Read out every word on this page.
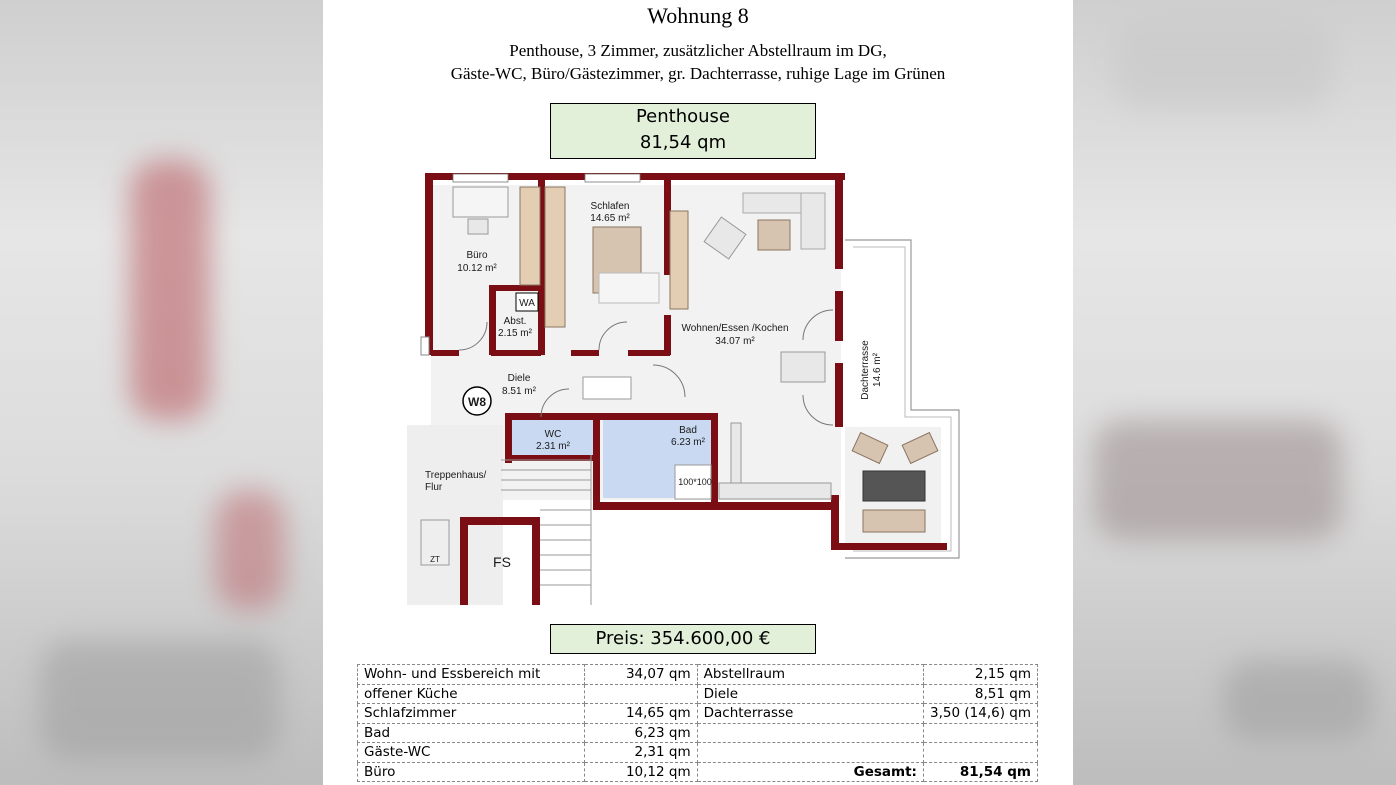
Wohnung 8
Penthouse, 3 Zimmer, zusätzlicher Abstellraum im DG,
Gäste-WC, Büro/Gästezimmer, gr. Dachterrasse, ruhige Lage im Grünen
Penthouse
81,54 qm
W8
Büro
10.12 m²
Schlafen
14.65 m²
WA
Abst.
2.15 m²	Wohnen/Essen /Kochen
34.07 m²
Diele
8.51 m²
WC
2.31 m²
Bad
6.23 m²
100*100
Dachterrasse 14.6 m²
Treppenhaus/
Flur
FS
ZT
Preis: 354.600,00 €
Wohn- und Essbereich mit	34,07 qm	Abstellraum	2,15 qm
offener Küche		Diele	8,51 qm
Schlafzimmer	14,65 qm	Dachterrasse	3,50 (14,6) qm
Bad	6,23 qm		
Gäste-WC	2,31 qm		
Büro	10,12 qm	Gesamt:	81,54 qm
